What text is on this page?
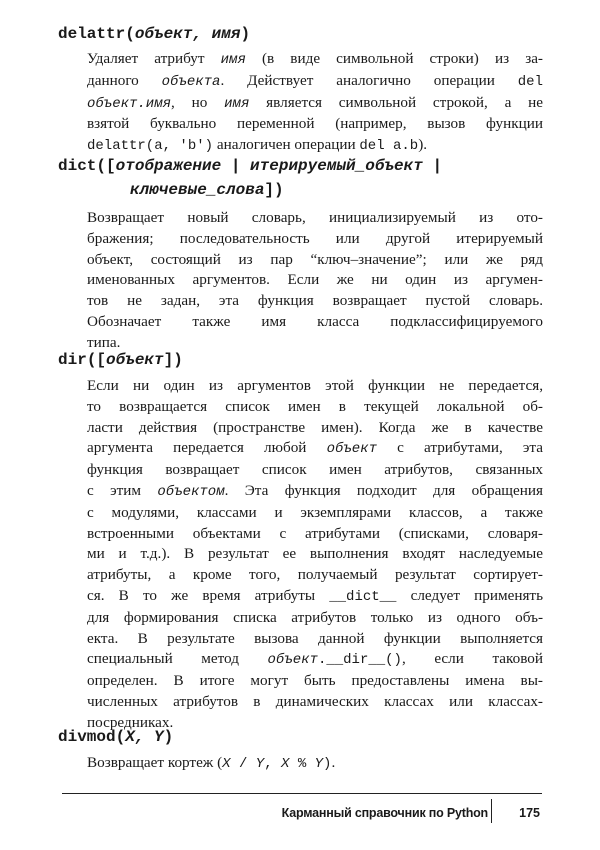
delattr(объект, имя)

Удаляет атрибут имя (в виде символьной строки) из за-
данного объекта. Действует аналогично операции del
объект.имя, но имя является символьной строкой, а не
взятой буквально переменной (например, вызов функции
delattr(a, 'b') аналогичен операции del a.b).

dict([отображение | итерируемый_объект |
ключевые_слова])

Возвращает новый словарь, инициализируемый из ото-
бражения; последовательность или другой итерируемый
объект, состоящий из пар “ключ–значение”; или же ряд
именованных аргументов. Если же ни один из аргумен-
тов не задан, эта функция возвращает пустой словарь.
Обозначает также имя класса подклассифицируемого
типа.

dir([объект])

Если ни один из аргументов этой функции не передается,
то возвращается список имен в текущей локальной об-
ласти действия (пространстве имен). Когда же в качестве
аргумента передается любой объект с атрибутами, эта
функция возвращает список имен атрибутов, связанных
с этим объектом. Эта функция подходит для обращения
с модулями, классами и экземплярами классов, а также
встроенными объектами с атрибутами (списками, словаря-
ми и т.д.). В результат ее выполнения входят наследуемые
атрибуты, а кроме того, получаемый результат сортирует-
ся. В то же время атрибуты __dict__ следует применять
для формирования списка атрибутов только из одного объ-
екта. В результате вызова данной функции выполняется
специальный метод объект.__dir__(), если таковой
определен. В итоге могут быть предоставлены имена вы-
численных атрибутов в динамических классах или классах-
посредниках.

divmod(X, Y)

Возвращает кортеж (X / Y, X % Y).
Карманный справочник по Python 175
